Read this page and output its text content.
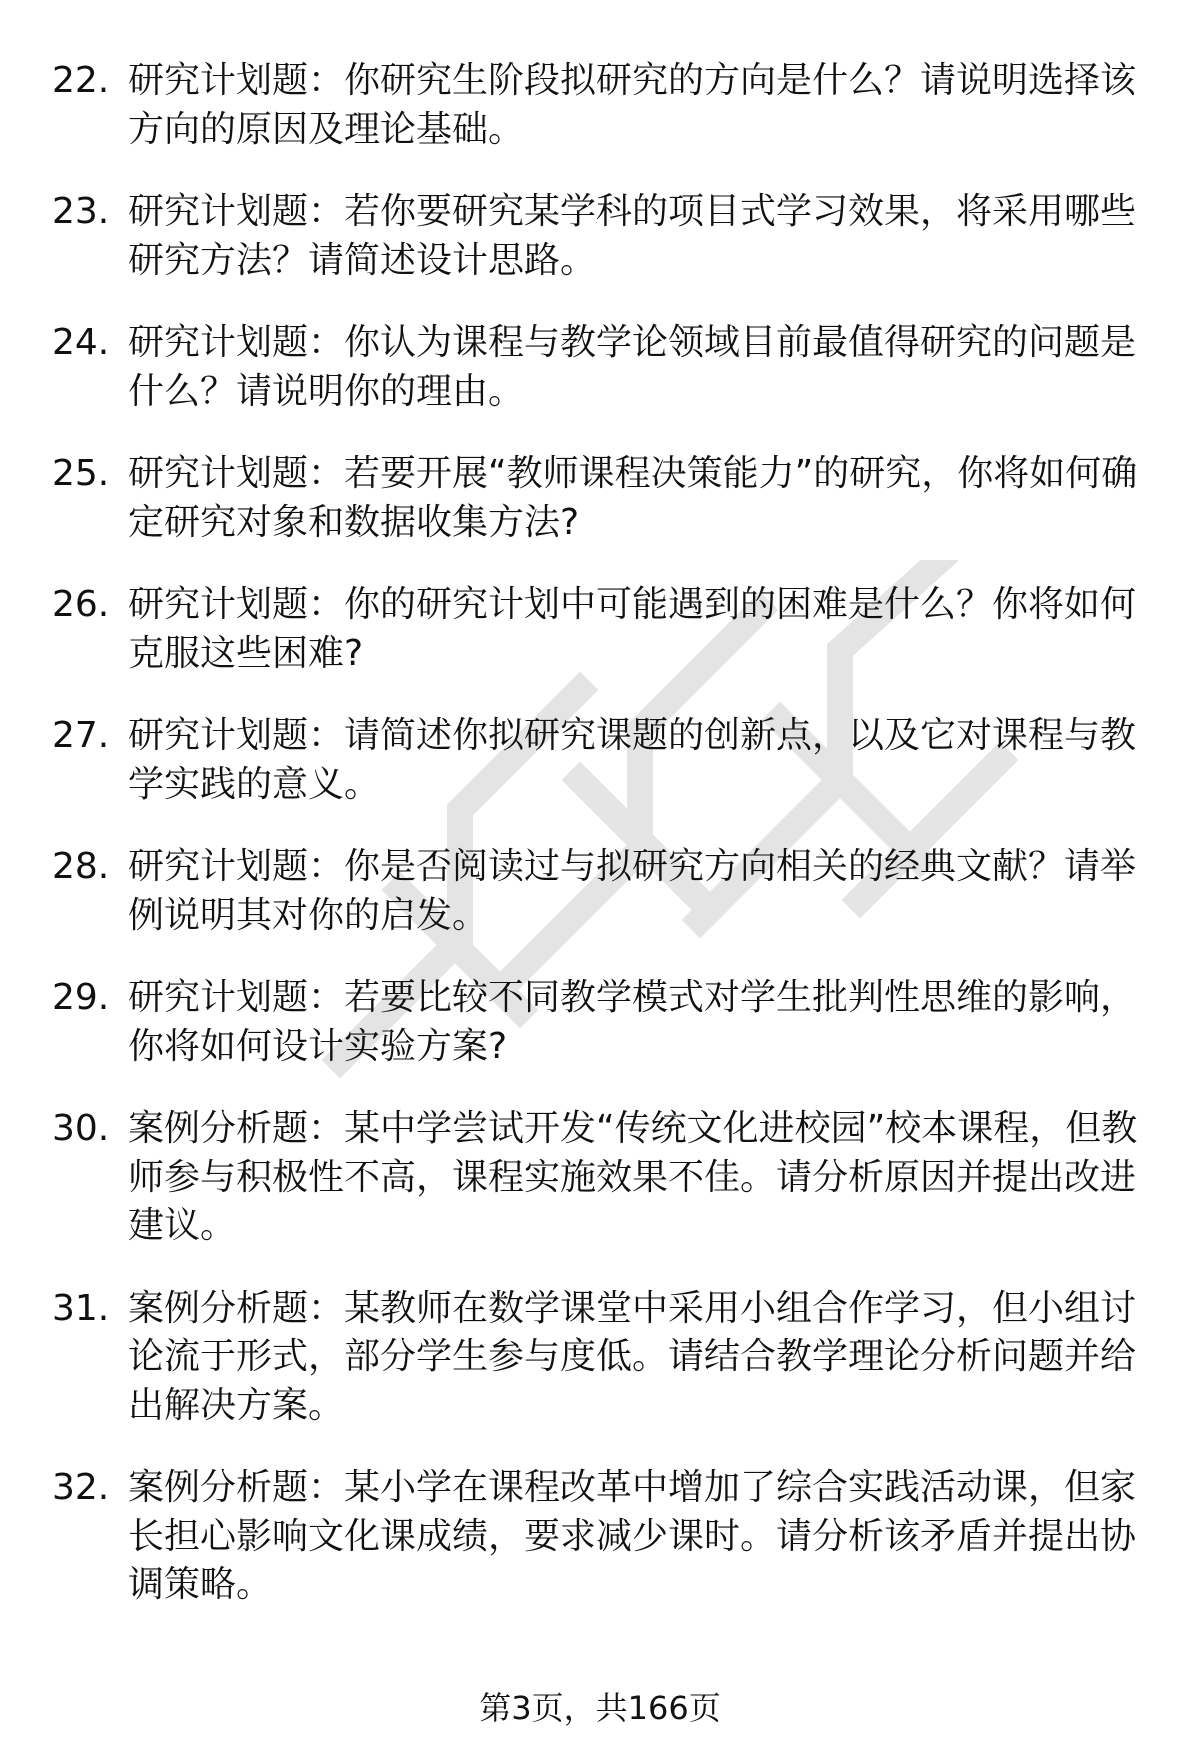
22. 研究计划题：你研究生阶段拟研究的方向是什么？请说明选择该方向的原因及理论基础。
23. 研究计划题：若你要研究某学科的项目式学习效果，将采用哪些研究方法？请简述设计思路。
24. 研究计划题：你认为课程与教学论领域目前最值得研究的问题是什么？请说明你的理由。
25. 研究计划题：若要开展“教师课程决策能力”的研究，你将如何确定研究对象和数据收集方法?
26. 研究计划题：你的研究计划中可能遇到的困难是什么？你将如何克服这些困难?
27. 研究计划题：请简述你拟研究课题的创新点，以及它对课程与教学实践的意义。
28. 研究计划题：你是否阅读过与拟研究方向相关的经典文献？请举例说明其对你的启发。
29. 研究计划题：若要比较不同教学模式对学生批判性思维的影响，你将如何设计实验方案?
30. 案例分析题：某中学尝试开发“传统文化进校园”校本课程，但教师参与积极性不高，课程实施效果不佳。请分析原因并提出改进建议。
31. 案例分析题：某教师在数学课堂中采用小组合作学习，但小组讨论流于形式，部分学生参与度低。请结合教学理论分析问题并给出解决方案。
32. 案例分析题：某小学在课程改革中增加了综合实践活动课，但家长担心影响文化课成绩，要求减少课时。请分析该矛盾并提出协调策略。
第3页，共166页
